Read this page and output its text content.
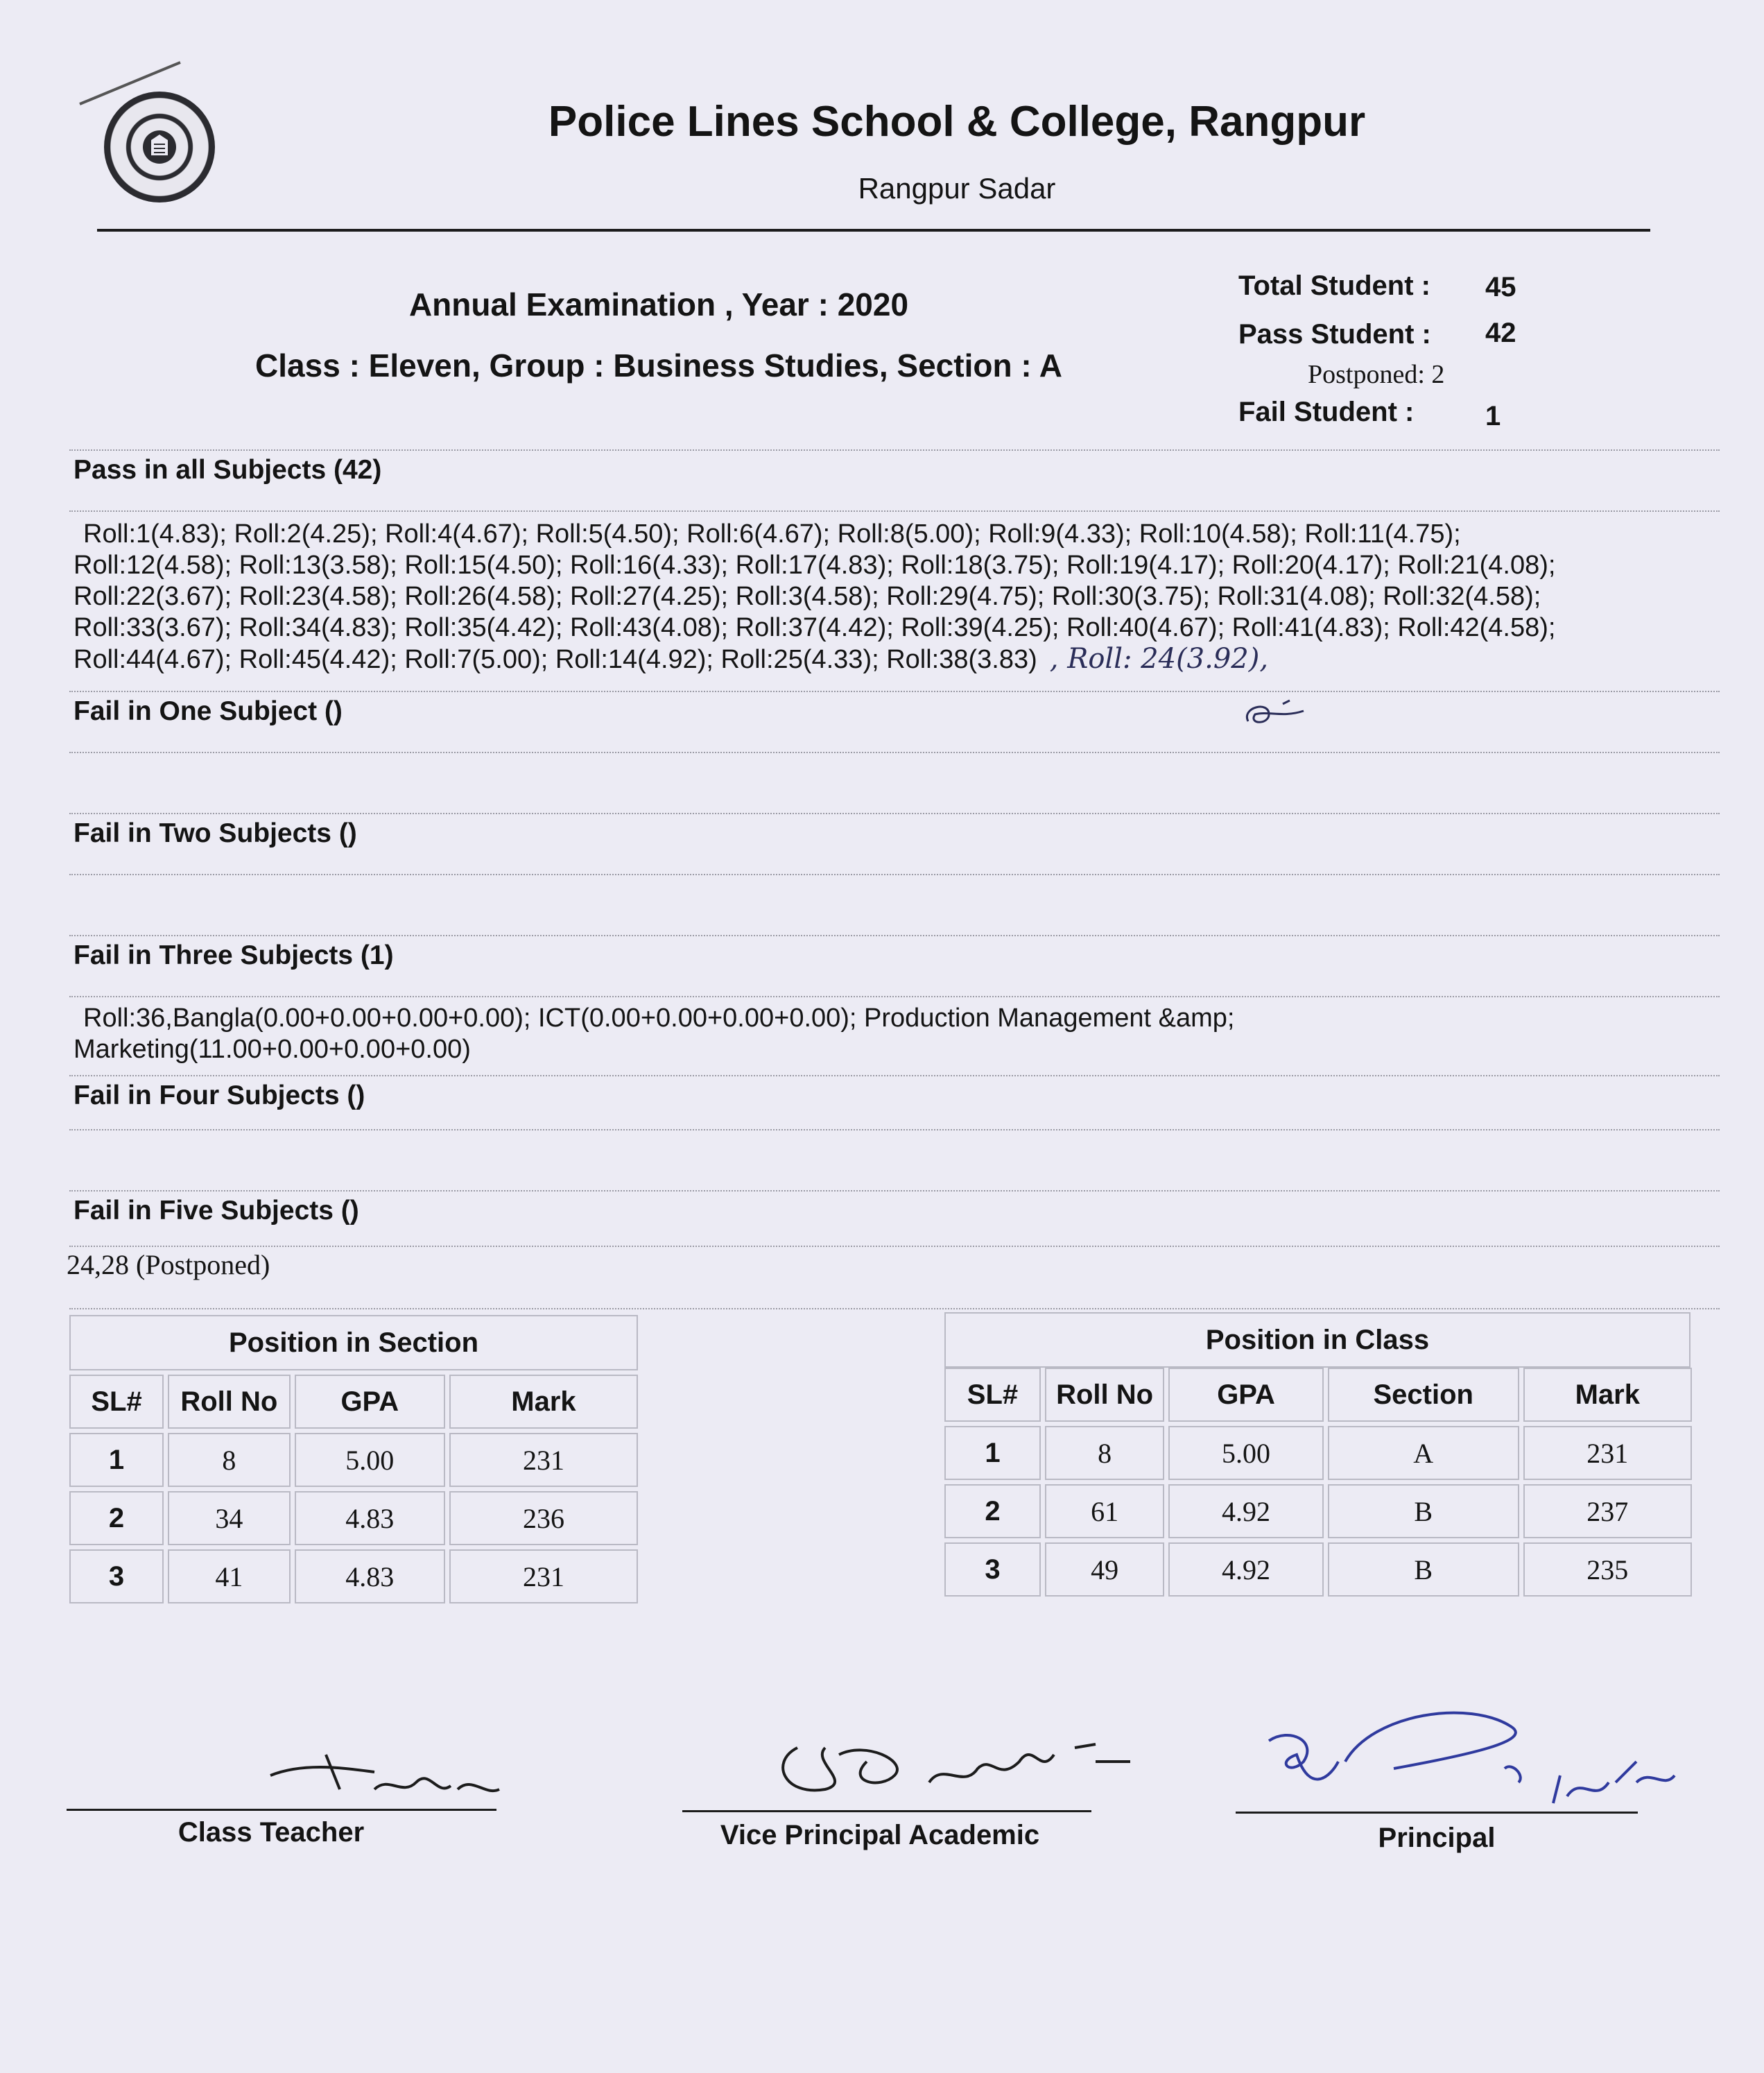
Police Lines School & College, Rangpur
Rangpur Sadar
Annual Examination , Year : 2020
Class : Eleven, Group : Business Studies, Section : A
Total Student : 45
Pass Student : 42
Postponed: 2
Fail Student :	1
Pass in all Subjects (42)
Roll:1(4.83); Roll:2(4.25); Roll:4(4.67); Roll:5(4.50); Roll:6(4.67); Roll:8(5.00); Roll:9(4.33); Roll:10(4.58); Roll:11(4.75);
Roll:12(4.58); Roll:13(3.58); Roll:15(4.50); Roll:16(4.33); Roll:17(4.83); Roll:18(3.75); Roll:19(4.17); Roll:20(4.17); Roll:21(4.08);
Roll:22(3.67); Roll:23(4.58); Roll:26(4.58); Roll:27(4.25); Roll:3(4.58); Roll:29(4.75); Roll:30(3.75); Roll:31(4.08); Roll:32(4.58);
Roll:33(3.67); Roll:34(4.83); Roll:35(4.42); Roll:43(4.08); Roll:37(4.42); Roll:39(4.25); Roll:40(4.67); Roll:41(4.83); Roll:42(4.58);
Roll:44(4.67); Roll:45(4.42); Roll:7(5.00); Roll:14(4.92); Roll:25(4.33); Roll:38(3.83) , Roll: 24(3.92),
Fail in One Subject ()
Fail in Two Subjects ()
Fail in Three Subjects (1)
Roll:36,Bangla(0.00+0.00+0.00+0.00); ICT(0.00+0.00+0.00+0.00); Production Management &amp;
Marketing(11.00+0.00+0.00+0.00)
Fail in Four Subjects ()
Fail in Five Subjects ()
24,28 (Postponed)
Position in Section
SL#	Roll No	GPA	Mark
1	8	5.00	231
2	34	4.83	236
3	41	4.83	231
Position in Class
SL#	Roll No	GPA	Section	Mark
1	8	5.00	A	231
2	61	4.92	B	237
3	49	4.92	B	235
Class Teacher	Vice Principal Academic	Principal
